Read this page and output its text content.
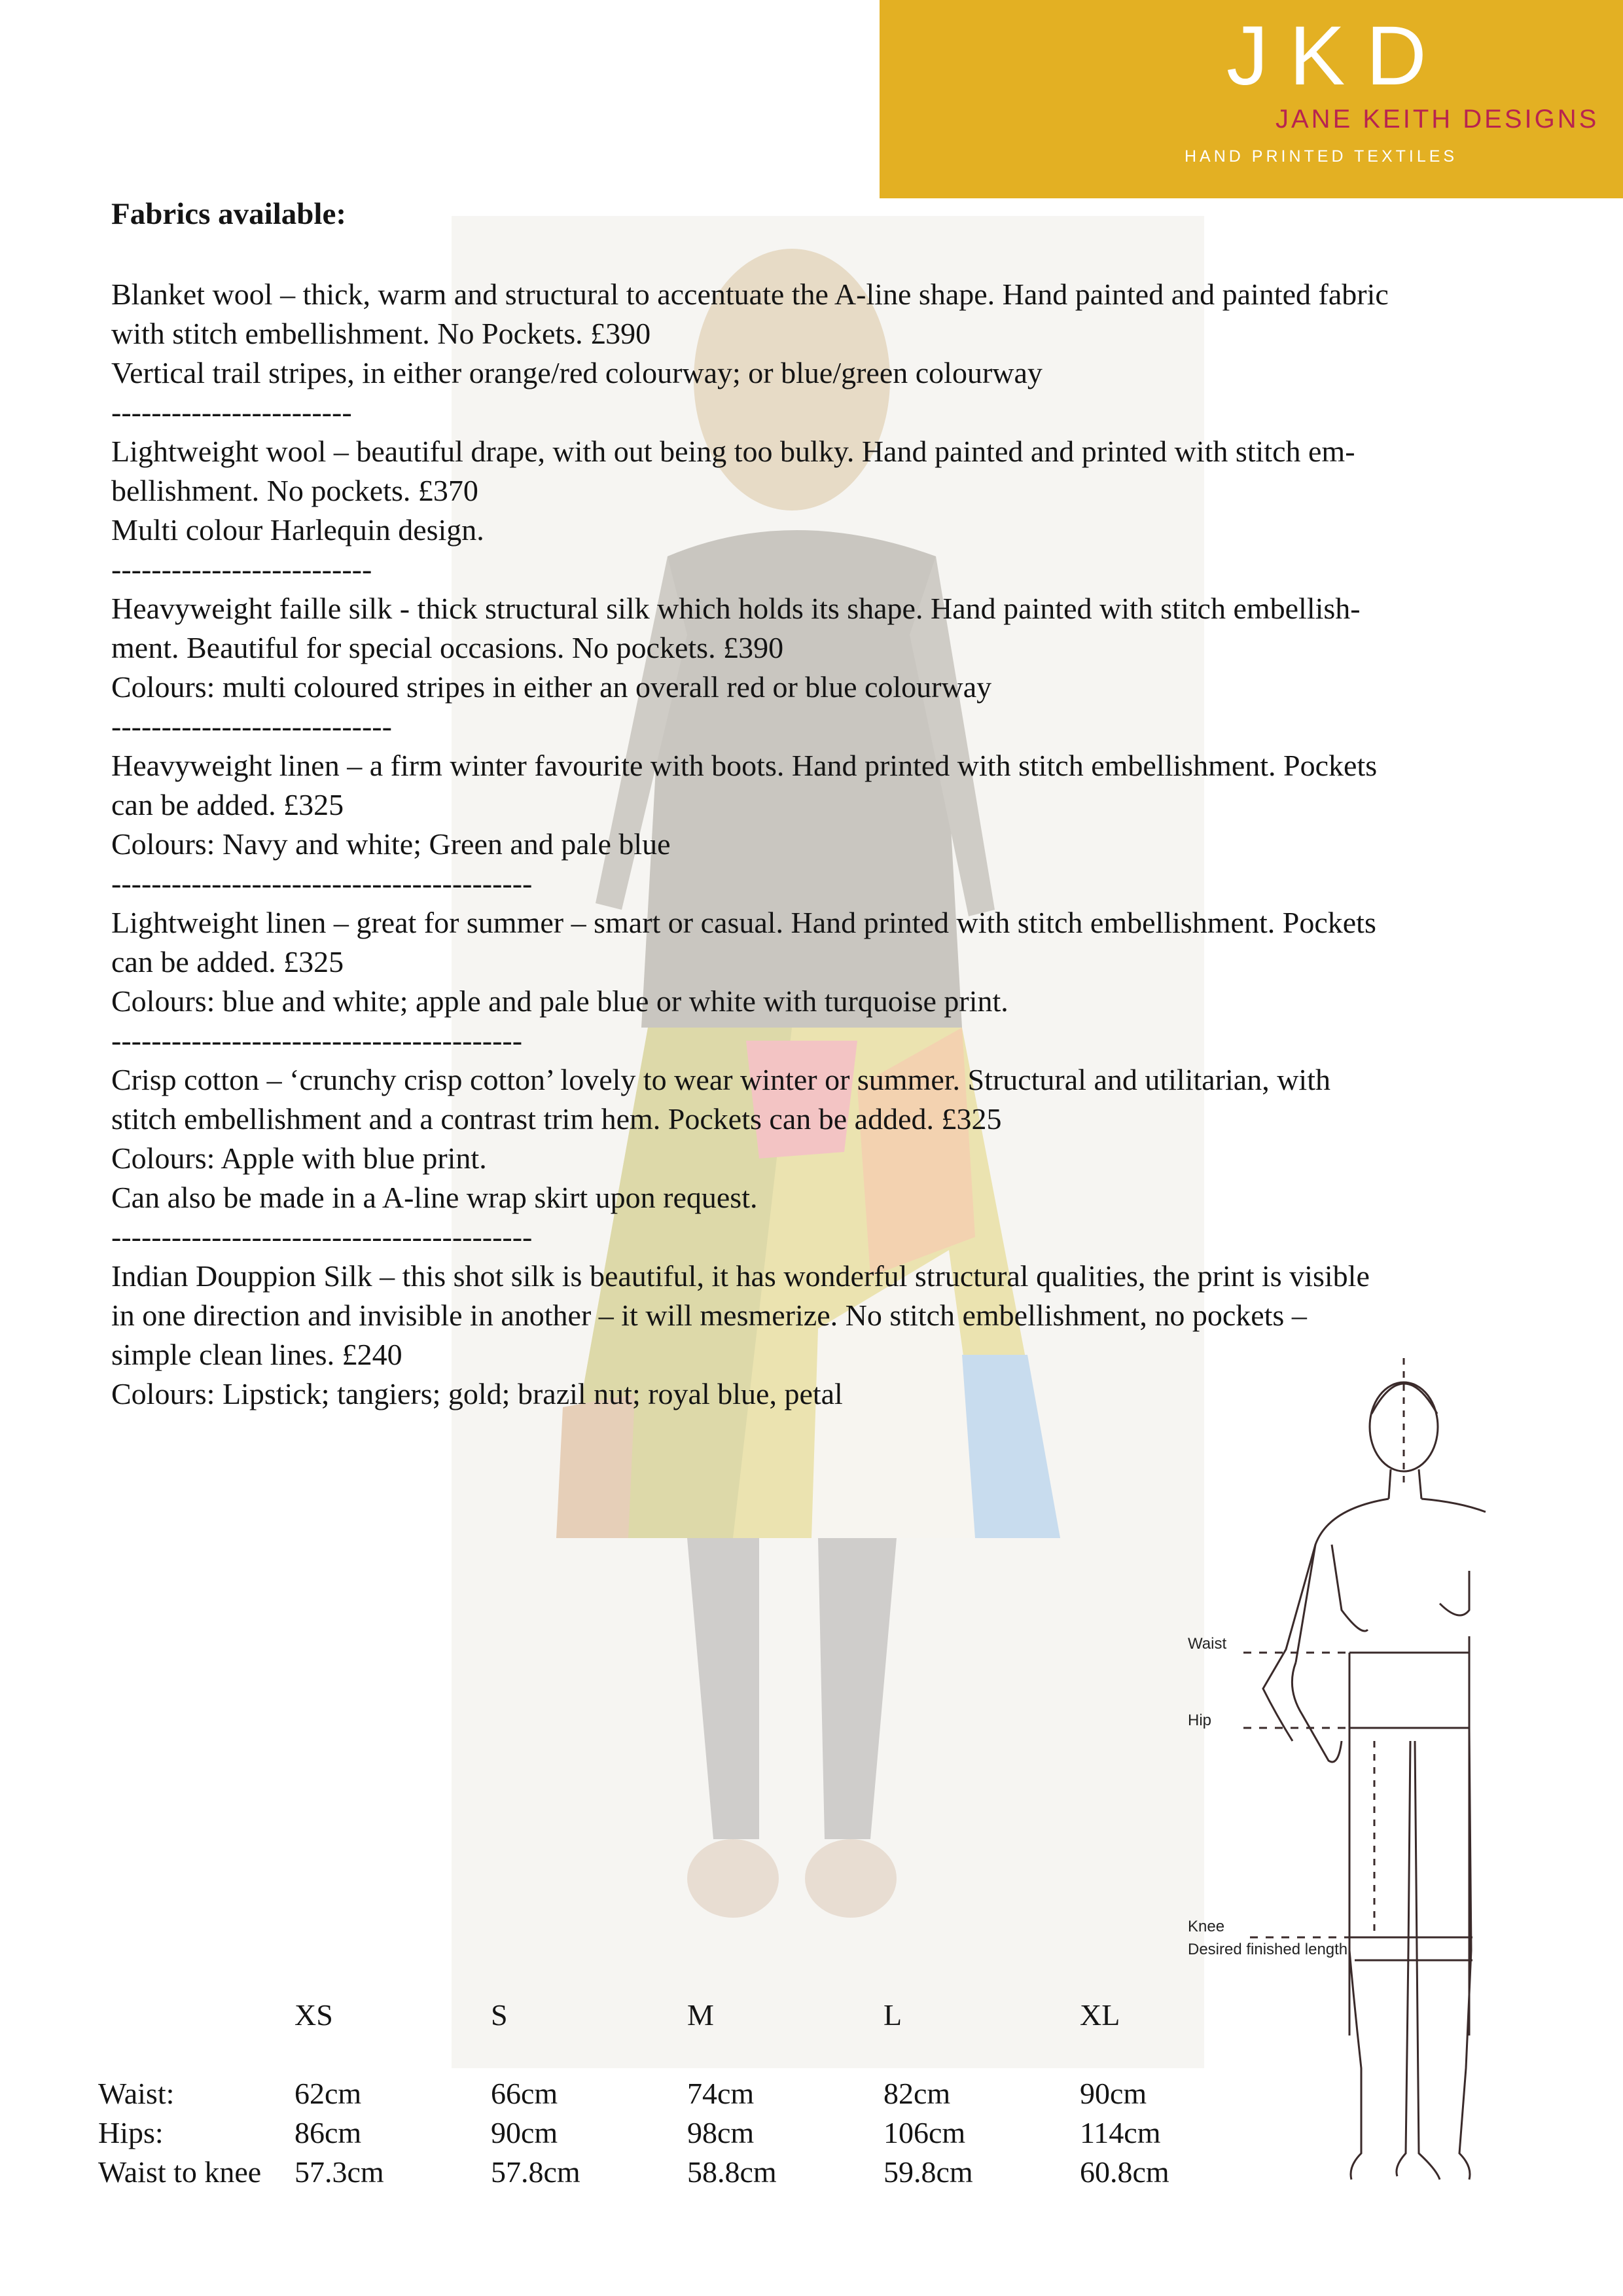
JKD

JANE KEITH DESIGNS

HAND PRINTED TEXTILES

Fabrics available:

Blanket wool – thick, warm and structural to accentuate the A-line shape. Hand painted and painted fabric

with stitch embellishment. No Pockets. £390

Vertical trail stripes, in either orange/red colourway; or blue/green colourway

------------------------

Lightweight wool – beautiful drape, with out being too bulky. Hand painted and printed with stitch em-

bellishment. No pockets. £370

Multi colour Harlequin design.

--------------------------

Heavyweight faille silk - thick structural silk which holds its shape. Hand painted with stitch embellish-

ment. Beautiful for special occasions. No pockets. £390

Colours: multi coloured stripes in either an overall red or blue colourway

----------------------------

Heavyweight linen – a firm winter favourite with boots. Hand printed with stitch embellishment. Pockets

can be added. £325

Colours: Navy and white; Green and pale blue

------------------------------------------

Lightweight linen – great for summer – smart or casual. Hand printed with stitch embellishment. Pockets

can be added. £325

Colours: blue and white; apple and pale blue or white with turquoise print.

-----------------------------------------

Crisp cotton – ‘crunchy crisp cotton’ lovely to wear winter or summer. Structural and utilitarian, with

stitch embellishment and a contrast trim hem. Pockets can be added. £325

Colours: Apple with blue print.

Can also be made in a A-line wrap skirt upon request.

------------------------------------------

Indian Douppion Silk – this shot silk is beautiful, it has wonderful structural qualities, the print is visible

in one direction and invisible in another – it will mesmerize. No stitch embellishment, no pockets –

simple clean lines. £240

Colours: Lipstick; tangiers; gold; brazil nut; royal blue, petal

Waist

Hip

Knee

Desired finished length

XS	S	M	L	XL

Waist:	62cm	66cm	74cm	82cm	90cm

Hips:	86cm	90cm	98cm	106cm	114cm

Waist to knee 57.3cm	57.8cm	58.8cm	59.8cm	60.8cm
